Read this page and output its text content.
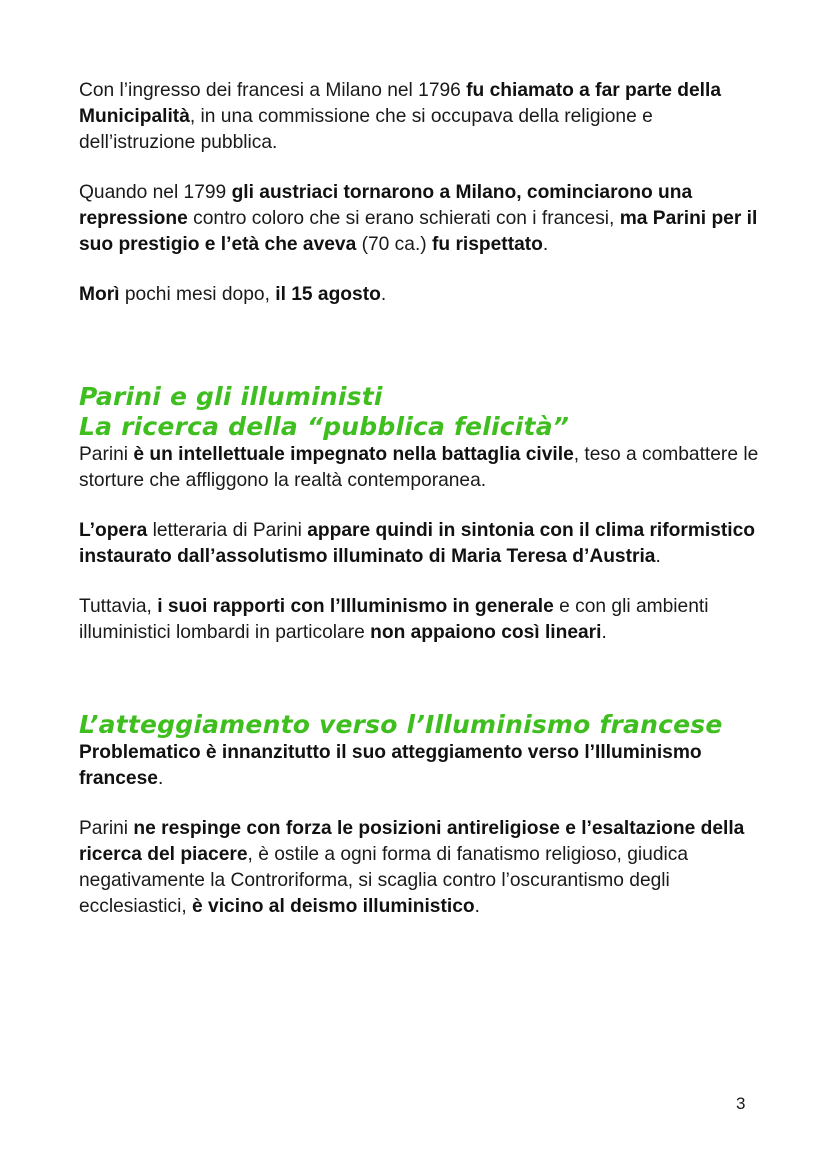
Con l’ingresso dei francesi a Milano nel 1796 fu chiamato a far parte della Municipalità, in una commissione che si occupava della religione e dell’istruzione pubblica.

Quando nel 1799 gli austriaci tornarono a Milano, cominciarono una repressione contro coloro che si erano schierati con i francesi, ma Parini per il suo prestigio e l’età che aveva (70 ca.) fu rispettato.

Morì pochi mesi dopo, il 15 agosto.

Parini e gli illuministi
La ricerca della “pubblica felicità”

Parini è un intellettuale impegnato nella battaglia civile, teso a combattere le storture che affliggono la realtà contemporanea.

L’opera letteraria di Parini appare quindi in sintonia con il clima riformistico instaurato dall’assolutismo illuminato di Maria Teresa d’Austria.

Tuttavia, i suoi rapporti con l’Illuminismo in generale e con gli ambienti illuministici lombardi in particolare non appaiono così lineari.

L’atteggiamento verso l’Illuminismo francese

Problematico è innanzitutto il suo atteggiamento verso l’Illuminismo francese.

Parini ne respinge con forza le posizioni antireligiose e l’esaltazione della ricerca del piacere, è ostile a ogni forma di fanatismo religioso, giudica negativamente la Controriforma, si scaglia contro l’oscurantismo degli ecclesiastici, è vicino al deismo illuministico.

3
